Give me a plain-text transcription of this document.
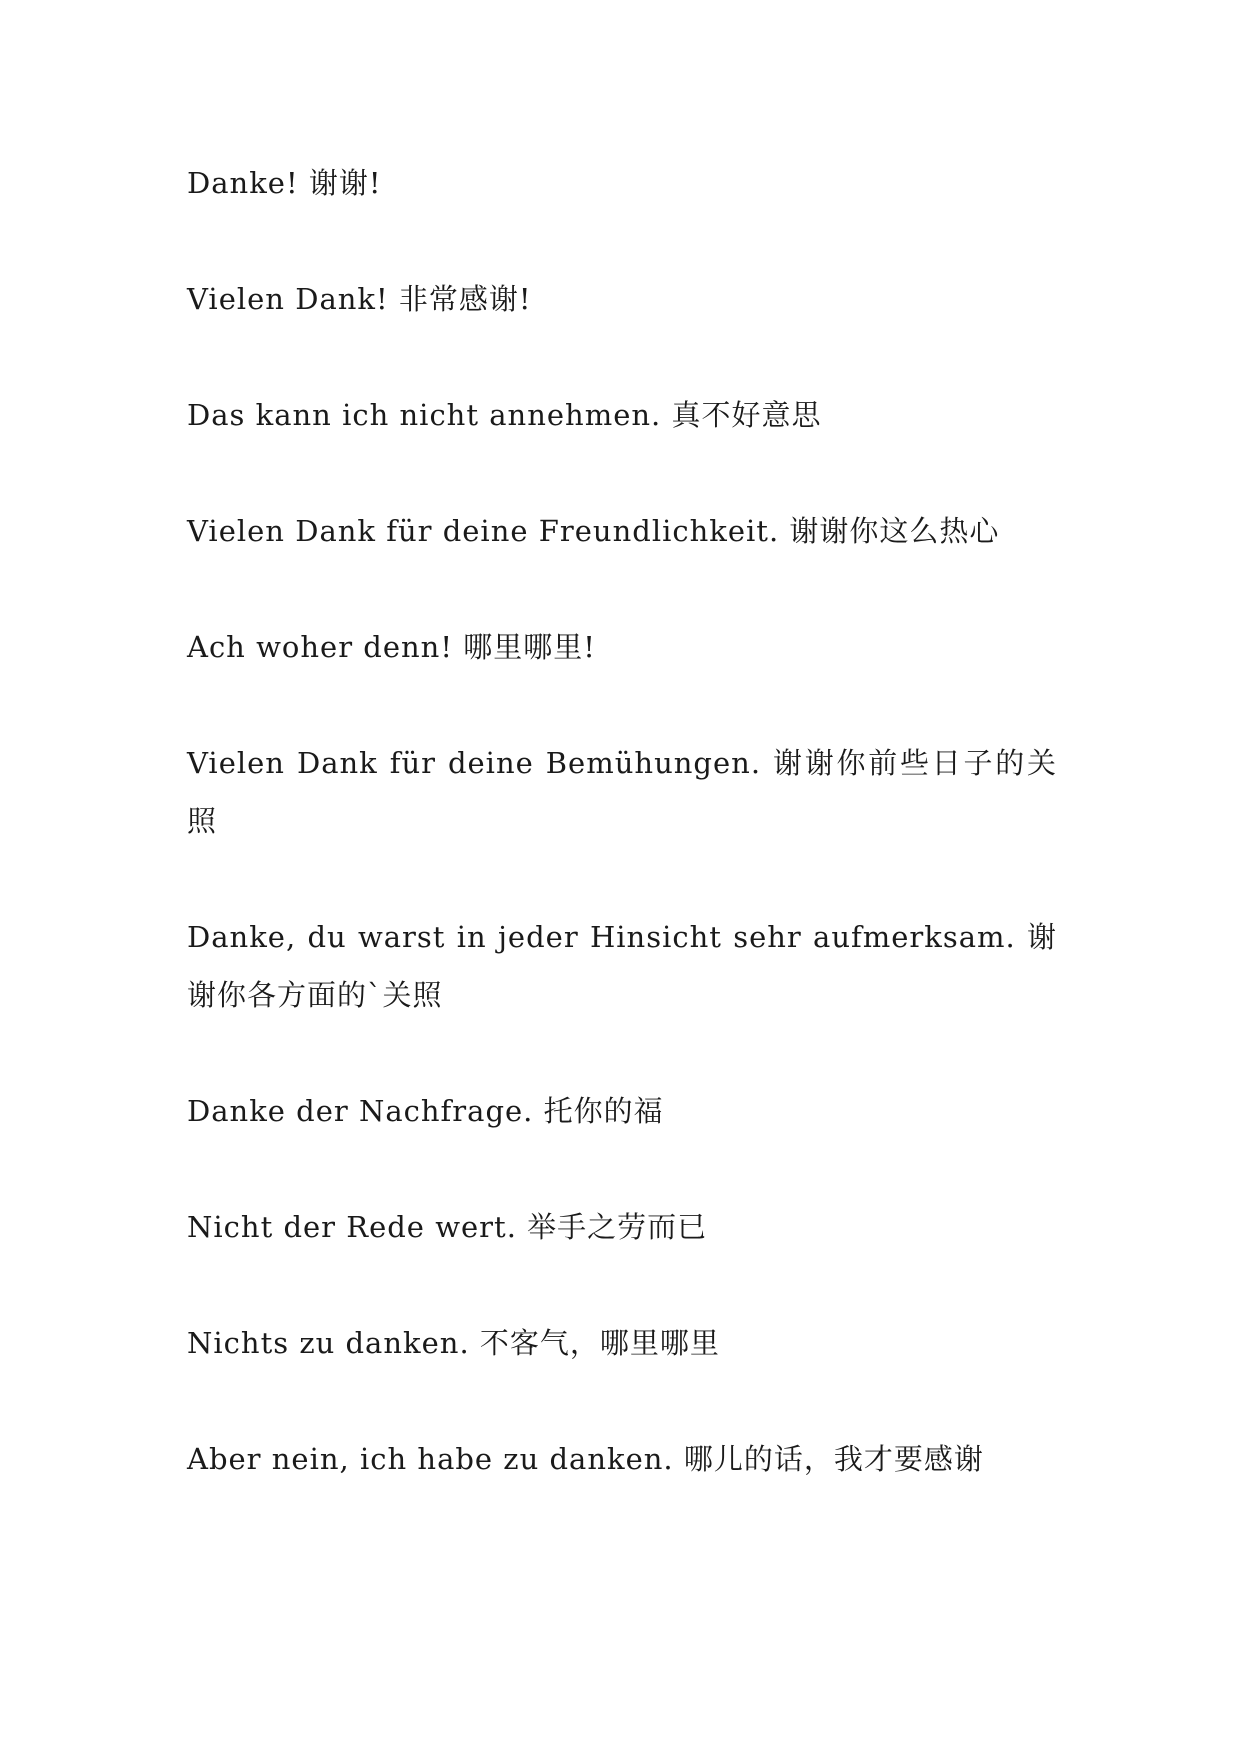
Danke! 谢谢!

Vielen Dank! 非常感谢!

Das kann ich nicht annehmen. 真不好意思

Vielen Dank für deine Freundlichkeit. 谢谢你这么热心

Ach woher denn! 哪里哪里!

Vielen Dank für deine Bemühungen. 谢谢你前些日子的关照

Danke, du warst in jeder Hinsicht sehr aufmerksam. 谢谢你各方面的`关照

Danke der Nachfrage. 托你的福

Nicht der Rede wert. 举手之劳而已

Nichts zu danken. 不客气，哪里哪里

Aber nein, ich habe zu danken. 哪儿的话，我才要感谢
